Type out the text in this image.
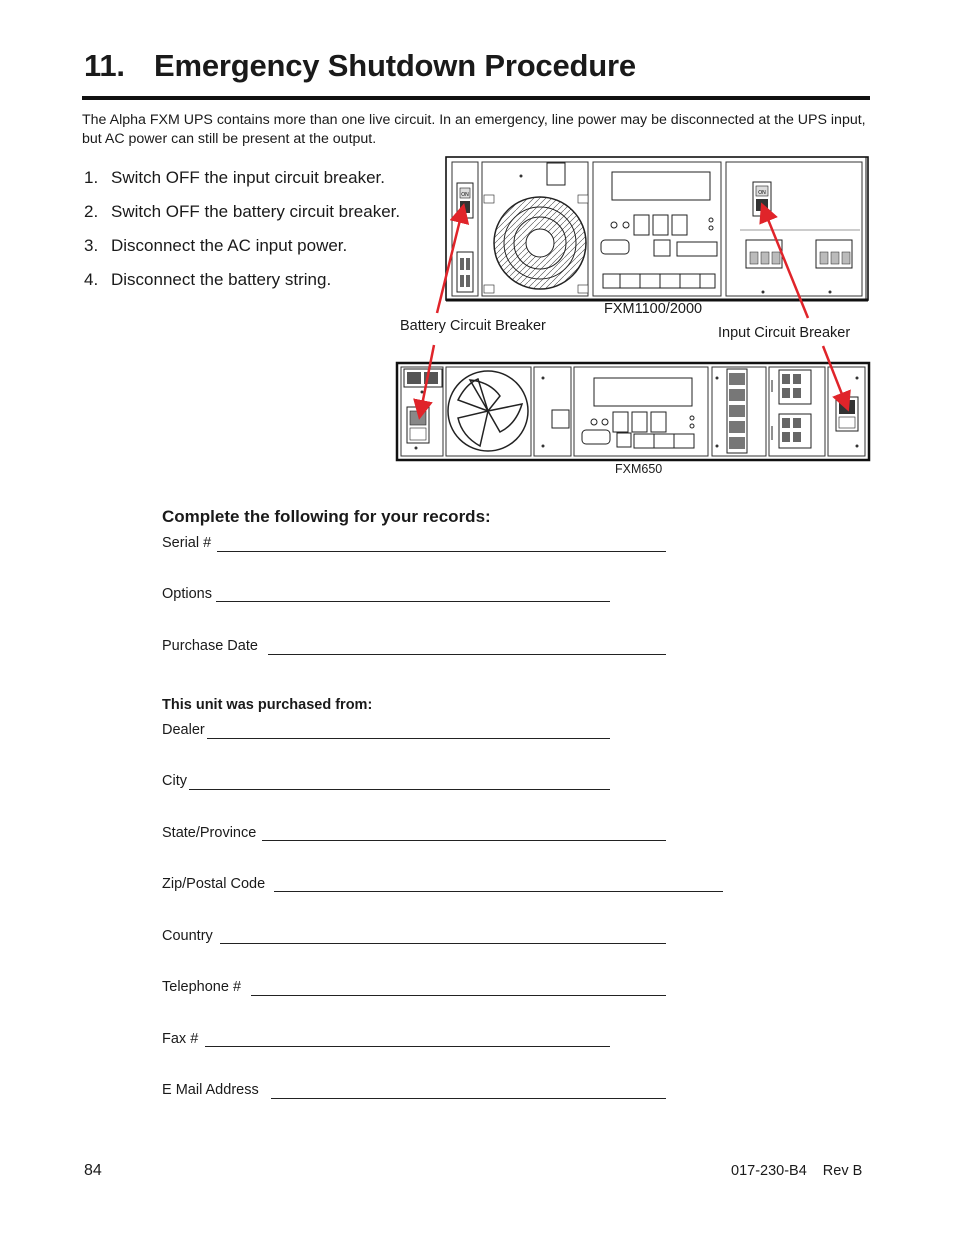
11. Emergency Shutdown Procedure
The Alpha FXM UPS contains more than one live circuit. In an emergency, line power may be disconnected at the UPS input, but AC power can still be present at the output.
1. Switch OFF the input circuit breaker.
2. Switch OFF the battery circuit breaker.
3. Disconnect the AC input power.
4. Disconnect the battery string.
ON	ON
FXM1100/2000
Battery Circuit Breaker	Input Circuit Breaker
FXM650
Complete the following for your records:
Serial #
Options
Purchase Date
This unit was purchased from:
Dealer
City
State/Province
Zip/Postal Code
Country
Telephone #
Fax #
E Mail Address
84	017-230-B4 Rev B
